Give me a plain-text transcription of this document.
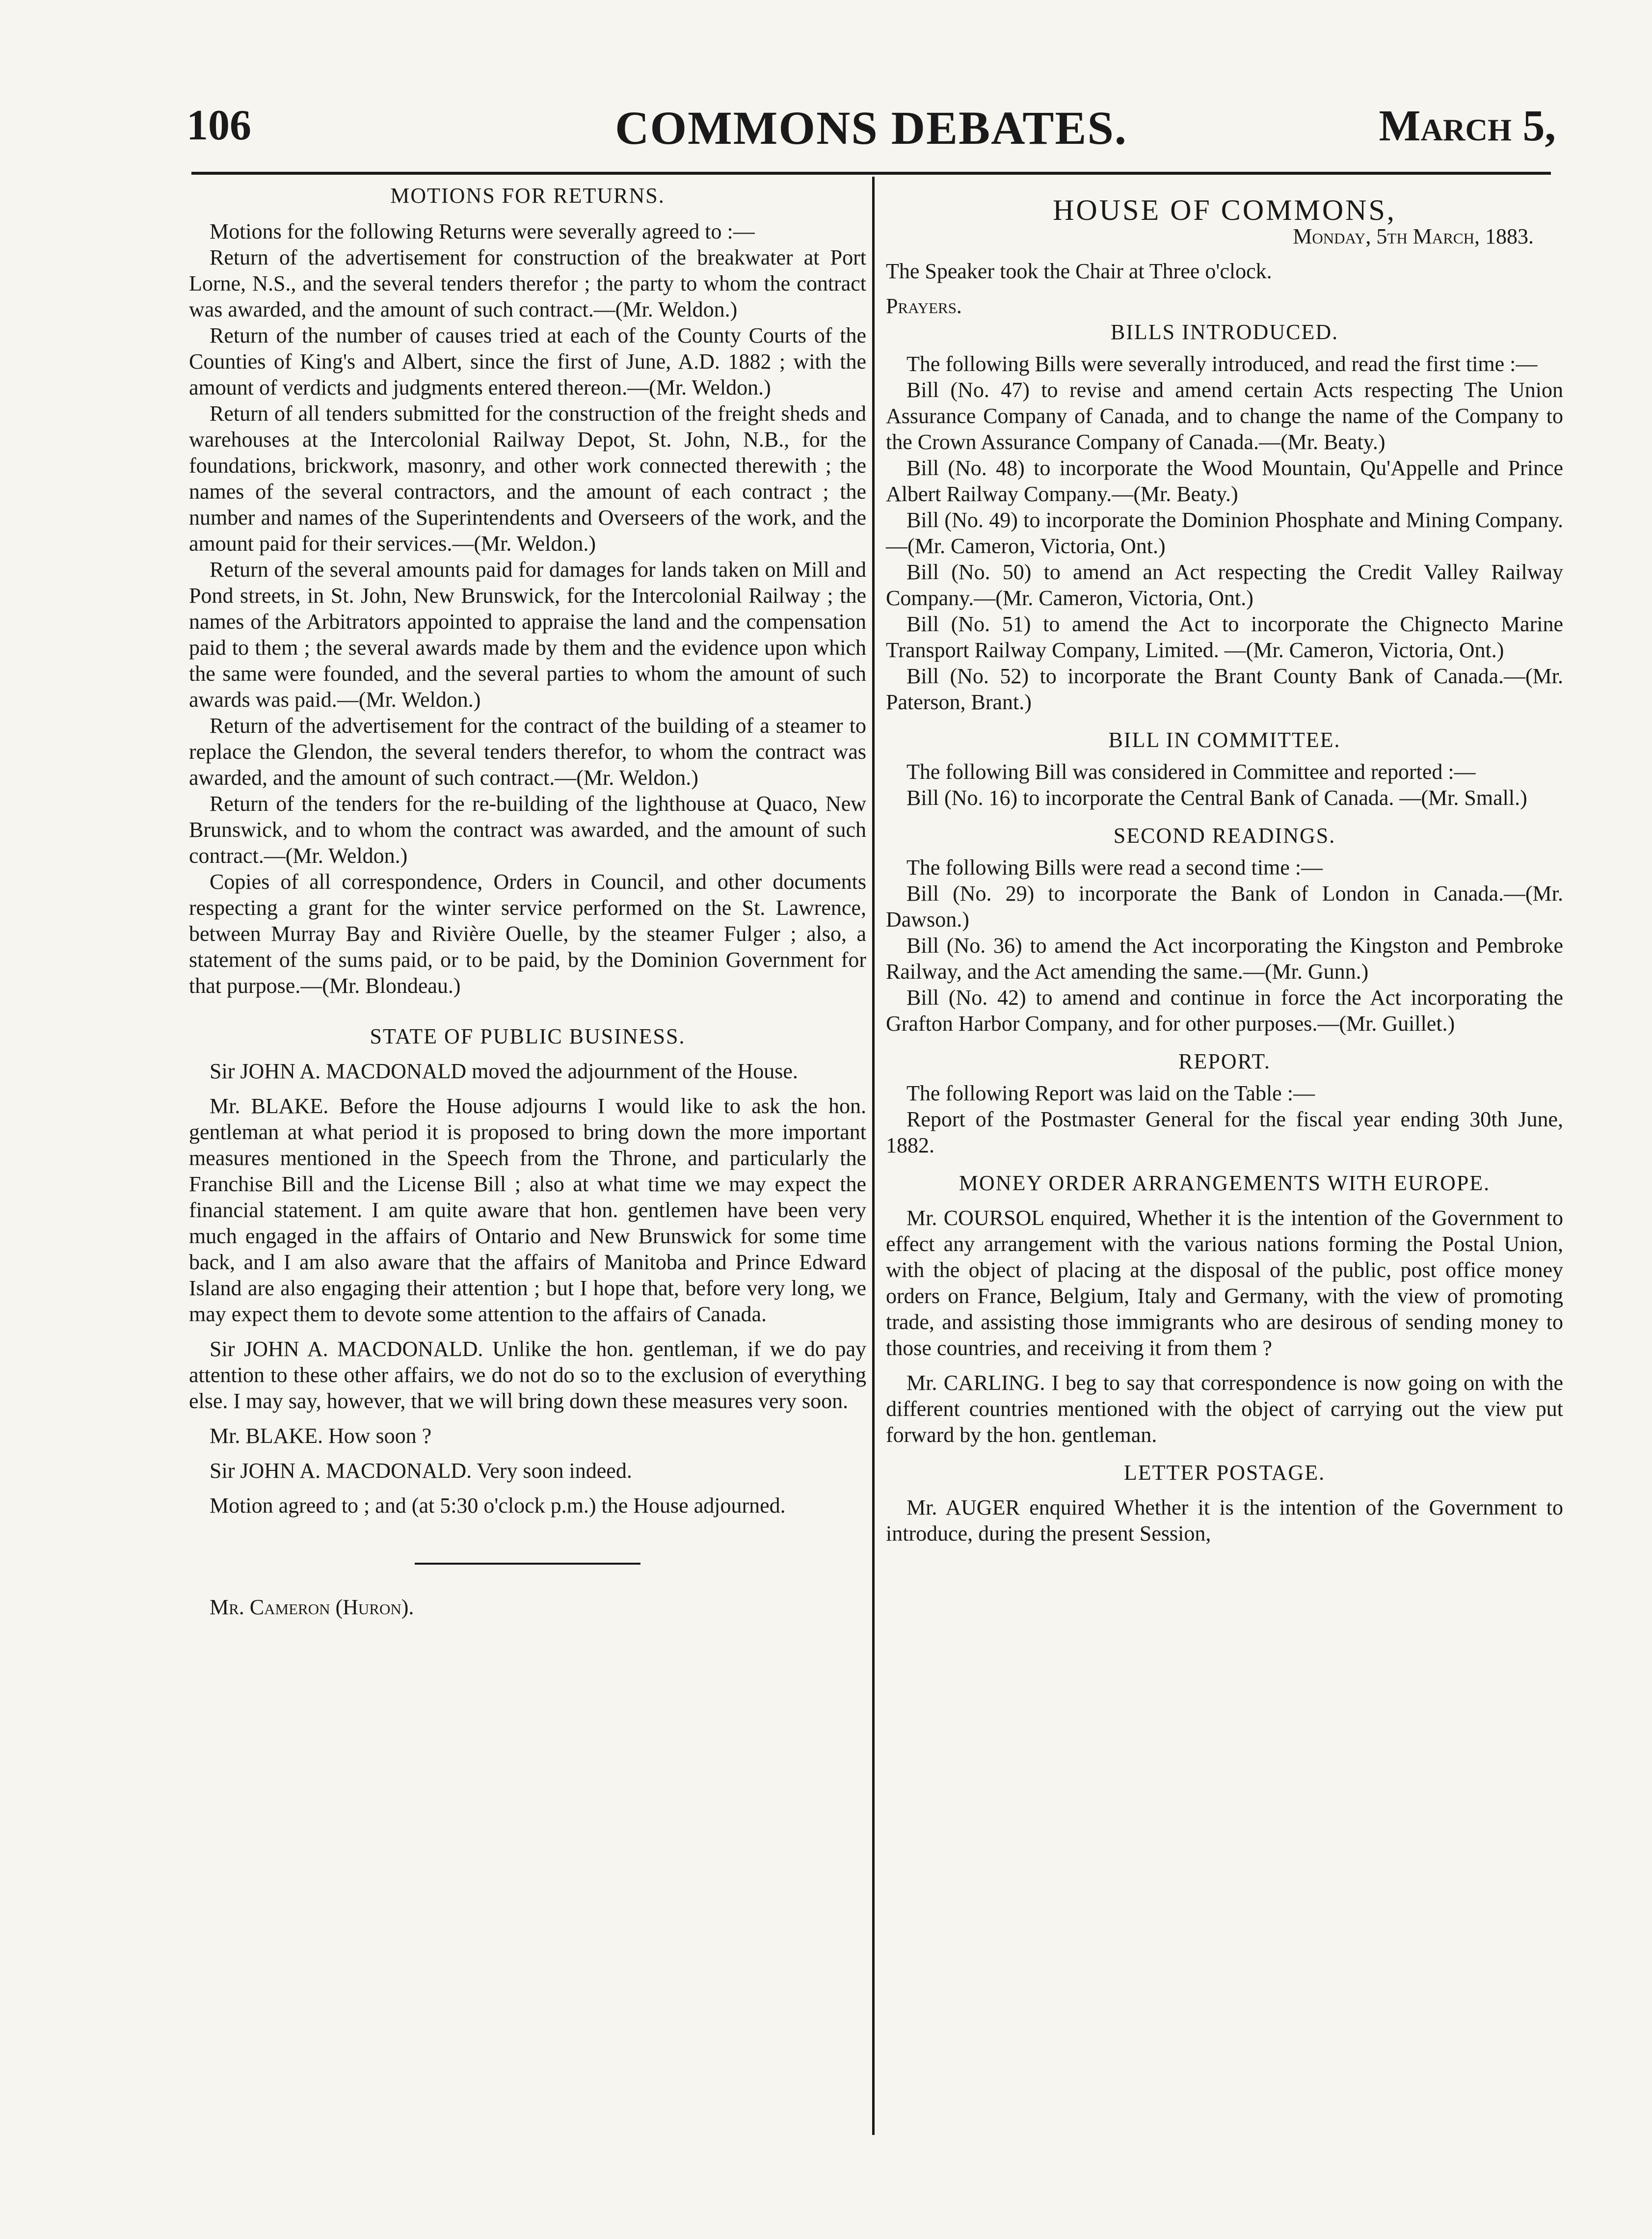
106	COMMONS DEBATES.	March 5,
MOTIONS FOR RETURNS.

Motions for the following Returns were severally agreed to :—

Return of the advertisement for construction of the breakwater at Port Lorne, N.S., and the several tenders therefor ; the party to whom the contract was awarded, and the amount of such contract.—(Mr. Weldon.)

Return of the number of causes tried at each of the County Courts of the Counties of King's and Albert, since the first of June, A.D. 1882 ; with the amount of verdicts and judgments entered thereon.—(Mr. Weldon.)

Return of all tenders submitted for the construction of the freight sheds and warehouses at the Intercolonial Railway Depot, St. John, N.B., for the foundations, brickwork, masonry, and other work connected therewith ; the names of the several contractors, and the amount of each contract ; the number and names of the Superintendents and Overseers of the work, and the amount paid for their services.—(Mr. Weldon.)

Return of the several amounts paid for damages for lands taken on Mill and Pond streets, in St. John, New Brunswick, for the Intercolonial Railway ; the names of the Arbitrators appointed to appraise the land and the compensation paid to them ; the several awards made by them and the evidence upon which the same were founded, and the several parties to whom the amount of such awards was paid.—(Mr. Weldon.)

Return of the advertisement for the contract of the building of a steamer to replace the Glendon, the several tenders therefor, to whom the contract was awarded, and the amount of such contract.—(Mr. Weldon.)

Return of the tenders for the re-building of the lighthouse at Quaco, New Brunswick, and to whom the contract was awarded, and the amount of such contract.—(Mr. Weldon.)

Copies of all correspondence, Orders in Council, and other documents respecting a grant for the winter service performed on the St. Lawrence, between Murray Bay and Rivière Ouelle, by the steamer Fulger ; also, a statement of the sums paid, or to be paid, by the Dominion Government for that purpose.—(Mr. Blondeau.)

STATE OF PUBLIC BUSINESS.

Sir JOHN A. MACDONALD moved the adjournment of the House.

Mr. BLAKE. Before the House adjourns I would like to ask the hon. gentleman at what period it is proposed to bring down the more important measures mentioned in the Speech from the Throne, and particularly the Franchise Bill and the License Bill ; also at what time we may expect the financial statement. I am quite aware that hon. gentlemen have been very much engaged in the affairs of Ontario and New Brunswick for some time back, and I am also aware that the affairs of Manitoba and Prince Edward Island are also engaging their attention ; but I hope that, before very long, we may expect them to devote some attention to the affairs of Canada.

Sir JOHN A. MACDONALD. Unlike the hon. gentleman, if we do pay attention to these other affairs, we do not do so to the exclusion of everything else. I may say, however, that we will bring down these measures very soon.

Mr. BLAKE. How soon ?

Sir JOHN A. MACDONALD. Very soon indeed.

Motion agreed to ; and (at 5:30 o'clock p.m.) the House adjourned.

Mr. Cameron (Huron).

HOUSE OF COMMONS,
Monday, 5th March, 1883.

The Speaker took the Chair at Three o'clock.

Prayers.

BILLS INTRODUCED.

The following Bills were severally introduced, and read the first time :—

Bill (No. 47) to revise and amend certain Acts respecting The Union Assurance Company of Canada, and to change the name of the Company to the Crown Assurance Company of Canada.—(Mr. Beaty.)

Bill (No. 48) to incorporate the Wood Mountain, Qu'Appelle and Prince Albert Railway Company.—(Mr. Beaty.)

Bill (No. 49) to incorporate the Dominion Phosphate and Mining Company.—(Mr. Cameron, Victoria, Ont.)

Bill (No. 50) to amend an Act respecting the Credit Valley Railway Company.—(Mr. Cameron, Victoria, Ont.)

Bill (No. 51) to amend the Act to incorporate the Chignecto Marine Transport Railway Company, Limited. —(Mr. Cameron, Victoria, Ont.)

Bill (No. 52) to incorporate the Brant County Bank of Canada.—(Mr. Paterson, Brant.)

BILL IN COMMITTEE.

The following Bill was considered in Committee and reported :—

Bill (No. 16) to incorporate the Central Bank of Canada. —(Mr. Small.)

SECOND READINGS.

The following Bills were read a second time :—

Bill (No. 29) to incorporate the Bank of London in Canada.—(Mr. Dawson.)

Bill (No. 36) to amend the Act incorporating the Kingston and Pembroke Railway, and the Act amending the same.—(Mr. Gunn.)

Bill (No. 42) to amend and continue in force the Act incorporating the Grafton Harbor Company, and for other purposes.—(Mr. Guillet.)

REPORT.

The following Report was laid on the Table :—

Report of the Postmaster General for the fiscal year ending 30th June, 1882.

MONEY ORDER ARRANGEMENTS WITH EUROPE.

Mr. COURSOL enquired, Whether it is the intention of the Government to effect any arrangement with the various nations forming the Postal Union, with the object of placing at the disposal of the public, post office money orders on France, Belgium, Italy and Germany, with the view of promoting trade, and assisting those immigrants who are desirous of sending money to those countries, and receiving it from them ?

Mr. CARLING. I beg to say that correspondence is now going on with the different countries mentioned with the object of carrying out the view put forward by the hon. gentleman.

LETTER POSTAGE.

Mr. AUGER enquired Whether it is the intention of the Government to introduce, during the present Session,
